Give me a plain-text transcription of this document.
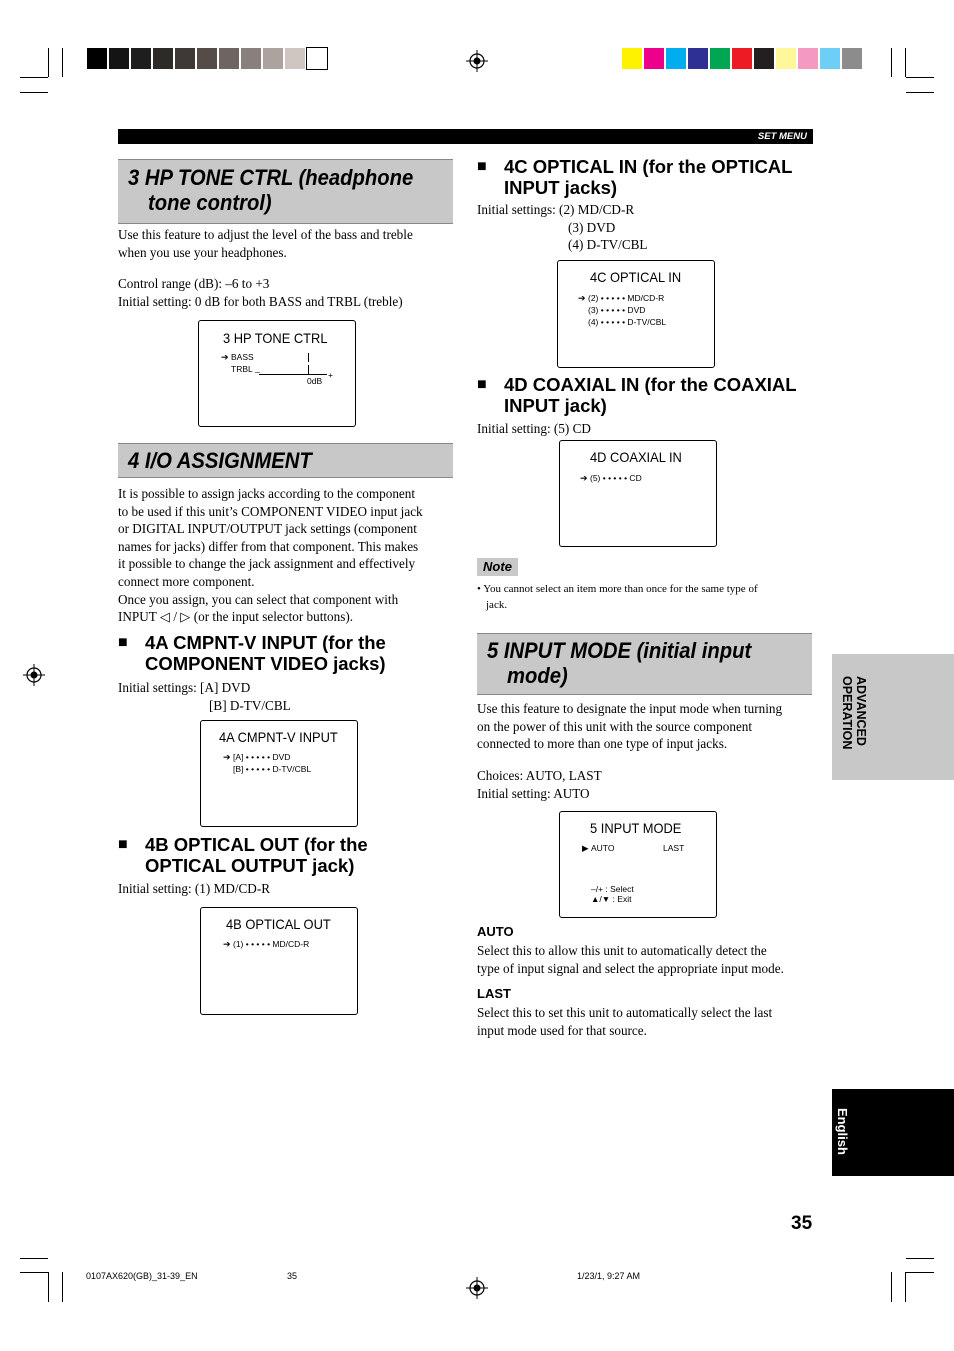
SET MENU
3 HP TONE CTRL (headphone
tone control)
Use this feature to adjust the level of the bass and treble
when you use your headphones.
Control range (dB): –6 to +3
Initial setting: 0 dB for both BASS and TRBL (treble)
3 HP TONE CTRL
➔ BASS
TRBL _
+
0dB
4 I/O ASSIGNMENT
It is possible to assign jacks according to the component
to be used if this unit’s COMPONENT VIDEO input jack
or DIGITAL INPUT/OUTPUT jack settings (component
names for jacks) differ from that component. This makes
it possible to change the jack assignment and effectively
connect more component.
Once you assign, you can select that component with
INPUT ◁ / ▷ (or the input selector buttons).
■ 4A CMPNT-V INPUT (for the
COMPONENT VIDEO jacks)
Initial settings: [A] DVD
[B] D-TV/CBL
4A CMPNT-V INPUT
➔ [A] • • • • • DVD
[B] • • • • • D-TV/CBL
■ 4B OPTICAL OUT (for the
OPTICAL OUTPUT jack)
Initial setting: (1) MD/CD-R
4B OPTICAL OUT
➔ (1) • • • • • MD/CD-R
■ 4C OPTICAL IN (for the OPTICAL
INPUT jacks)
Initial settings: (2) MD/CD-R
(3) DVD
(4) D-TV/CBL
4C OPTICAL IN
➔ (2) • • • • • MD/CD-R
(3) • • • • • DVD
(4) • • • • • D-TV/CBL
■ 4D COAXIAL IN (for the COAXIAL
INPUT jack)
Initial setting: (5) CD
4D COAXIAL IN
➔ (5) • • • • • CD
Note
• You cannot select an item more than once for the same type of
jack.
5 INPUT MODE (initial input
mode)
Use this feature to designate the input mode when turning
on the power of this unit with the source component
connected to more than one type of input jacks.
Choices: AUTO, LAST
Initial setting: AUTO
5 INPUT MODE
▶ AUTO	LAST
–/+ : Select
▲/▼ : Exit
AUTO
Select this to allow this unit to automatically detect the
type of input signal and select the appropriate input mode.
LAST
Select this to set this unit to automatically select the last
input mode used for that source.
ADVANCED
OPERATION
English
35
0107AX620(GB)_31-39_EN	35	1/23/1, 9:27 AM
